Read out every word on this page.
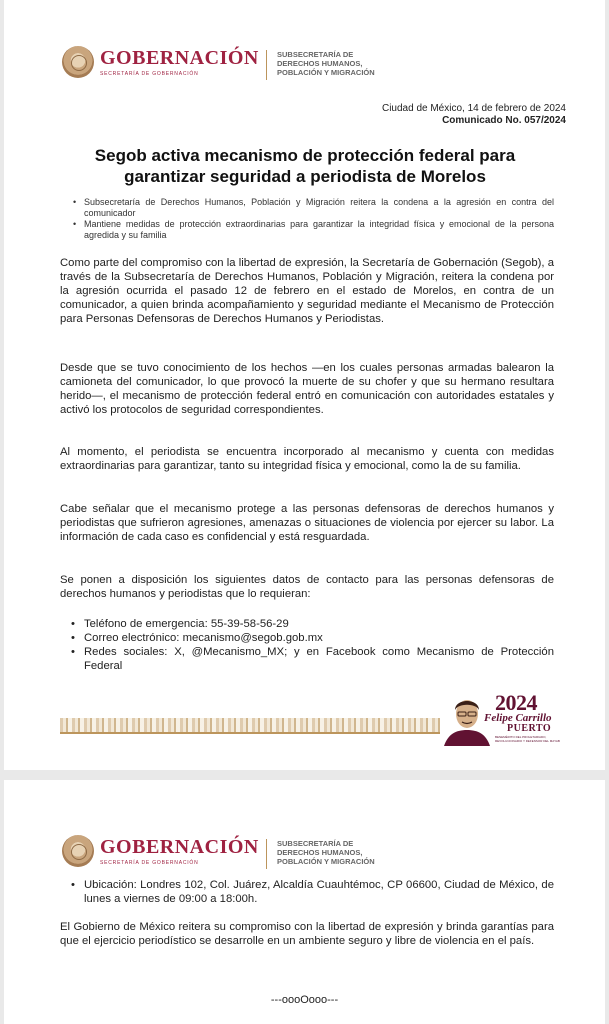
GOBERNACIÓN
SECRETARÍA DE GOBERNACIÓN
SUBSECRETARÍA DE
DERECHOS HUMANOS,
POBLACIÓN Y MIGRACIÓN
Ciudad de México, 14 de febrero de 2024
Comunicado No. 057/2024
Segob activa mecanismo de protección federal para garantizar seguridad a periodista de Morelos
• Subsecretaría de Derechos Humanos, Población y Migración reitera la condena a la agresión en contra del comunicador
• Mantiene medidas de protección extraordinarias para garantizar la integridad física y emocional de la persona agredida y su familia

Como parte del compromiso con la libertad de expresión, la Secretaría de Gobernación (Segob), a través de la Subsecretaría de Derechos Humanos, Población y Migración, reitera la condena por la agresión ocurrida el pasado 12 de febrero en el estado de Morelos, en contra de un comunicador, a quien brinda acompañamiento y seguridad mediante el Mecanismo de Protección para Personas Defensoras de Derechos Humanos y Periodistas.

Desde que se tuvo conocimiento de los hechos —en los cuales personas armadas balearon la camioneta del comunicador, lo que provocó la muerte de su chofer y que su hermano resultara herido—, el mecanismo de protección federal entró en comunicación con autoridades estatales y activó los protocolos de seguridad correspondientes.

Al momento, el periodista se encuentra incorporado al mecanismo y cuenta con medidas extraordinarias para garantizar, tanto su integridad física y emocional, como la de su familia.

Cabe señalar que el mecanismo protege a las personas defensoras de derechos humanos y periodistas que sufrieron agresiones, amenazas o situaciones de violencia por ejercer su labor. La información de cada caso es confidencial y está resguardada.

Se ponen a disposición los siguientes datos de contacto para las personas defensoras de derechos humanos y periodistas que lo requieran:

• Teléfono de emergencia: 55-39-58-56-29
• Correo electrónico: mecanismo@segob.gob.mx
• Redes sociales: X, @Mecanismo_MX; y en Facebook como Mecanismo de Protección Federal
2024
Felipe Carrillo
PUERTO
BENEMÉRITO DEL PROLETARIADO, REVOLUCIONARIO Y DEFENSOR DEL MAYAB
GOBERNACIÓN
SECRETARÍA DE GOBERNACIÓN
SUBSECRETARÍA DE
DERECHOS HUMANOS,
POBLACIÓN Y MIGRACIÓN
• Ubicación: Londres 102, Col. Juárez, Alcaldía Cuauhtémoc, CP 06600, Ciudad de México, de lunes a viernes de 09:00 a 18:00h.

El Gobierno de México reitera su compromiso con la libertad de expresión y brinda garantías para que el ejercicio periodístico se desarrolle en un ambiente seguro y libre de violencia en el país.

---oooOooo---
